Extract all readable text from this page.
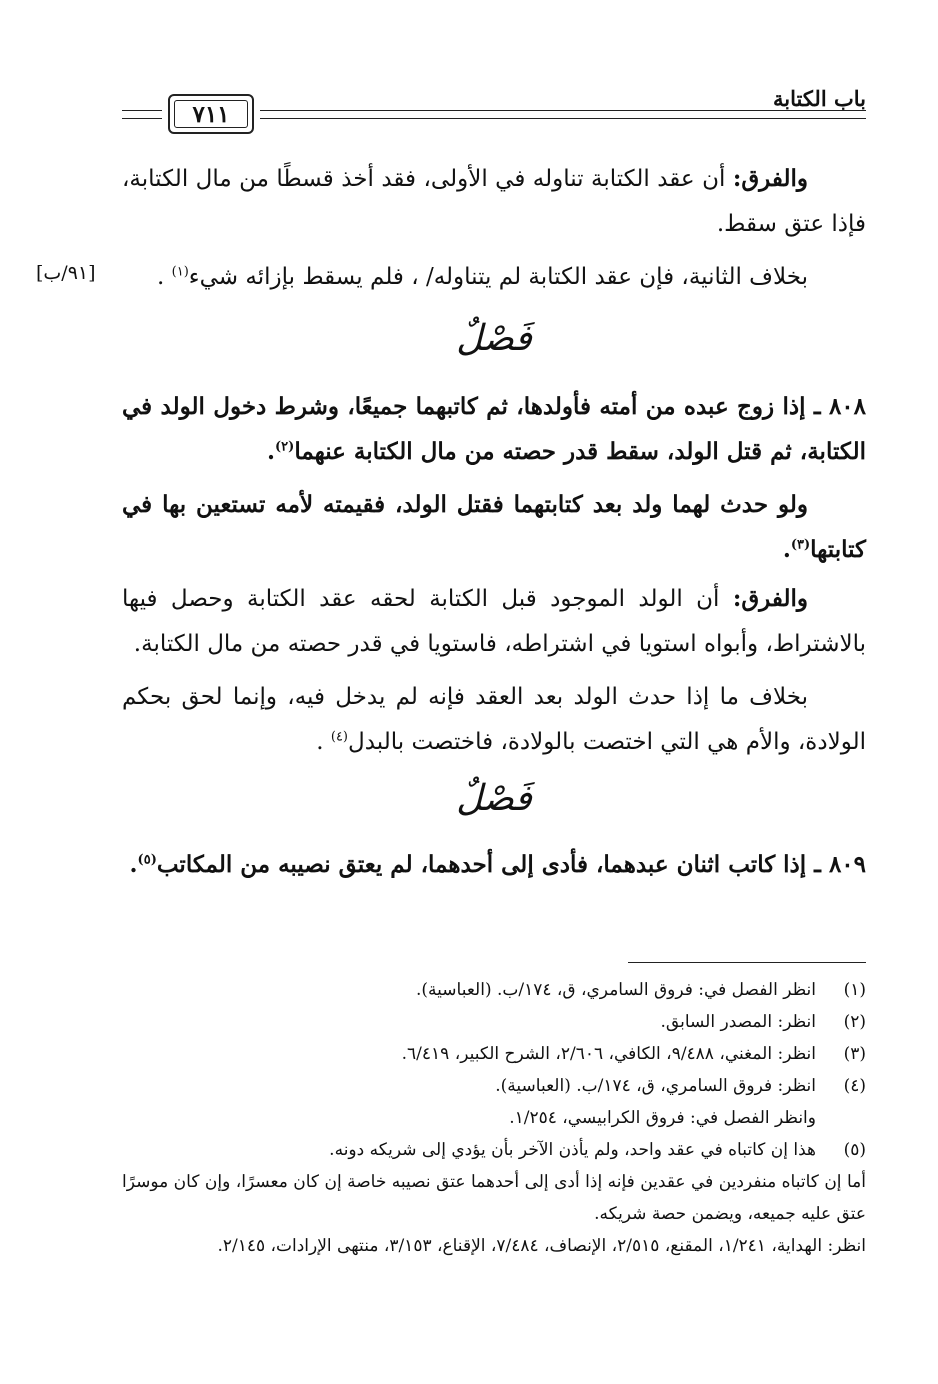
باب الكتابة
٧١١
[٩١/ب]

والفرق: أن عقد الكتابة تناوله في الأولى، فقد أخذ قسطًا من مال الكتابة، فإذا عتق سقط.

بخلاف الثانية، فإن عقد الكتابة لم يتناوله/ ، فلم يسقط بإزائه شيء$^{(١)}$ .

فَصْلٌ

٨٠٨ ـ إذا زوج عبده من أمته فأولدها، ثم كاتبهما جميعًا، وشرط دخول الولد في الكتابة، ثم قتل الولد، سقط قدر حصته من مال الكتابة عنهما$^{(٢)}$.

ولو حدث لهما ولد بعد كتابتهما فقتل الولد، فقيمته لأمه تستعين بها في كتابتها$^{(٣)}$.

والفرق: أن الولد الموجود قبل الكتابة لحقه عقد الكتابة وحصل فيها بالاشتراط، وأبواه استويا في اشتراطه، فاستويا في قدر حصته من مال الكتابة.

بخلاف ما إذا حدث الولد بعد العقد فإنه لم يدخل فيه، وإنما لحق بحكم الولادة، والأم هي التي اختصت بالولادة، فاختصت بالبدل$^{(٤)}$ .

فَصْلٌ

٨٠٩ ـ إذا كاتب اثنان عبدهما، فأدى إلى أحدهما، لم يعتق نصيبه من المكاتب$^{(٥)}$.

(١)
انظر الفصل في: فروق السامري، ق، ١٧٤/ب. (العباسية).
(٢)
انظر: المصدر السابق.
(٣)
انظر: المغني، ٩/٤٨٨، الكافي، ٢/٦٠٦، الشرح الكبير، ٦/٤١٩.
(٤)
انظر: فروق السامري، ق، ١٧٤/ب. (العباسية).
وانظر الفصل في: فروق الكرابيسي، ١/٢٥٤.
(٥)
هذا إن كاتباه في عقد واحد، ولم يأذن الآخر بأن يؤدي إلى شريكه دونه.
أما إن كاتباه منفردين في عقدين فإنه إذا أدى إلى أحدهما عتق نصيبه خاصة إن كان معسرًا، وإن كان موسرًا عتق عليه جميعه، ويضمن حصة شريكه.
انظر: الهداية، ١/٢٤١، المقنع، ٢/٥١٥، الإنصاف، ٧/٤٨٤، الإقناع، ٣/١٥٣، منتهى الإرادات، ٢/١٤٥.
